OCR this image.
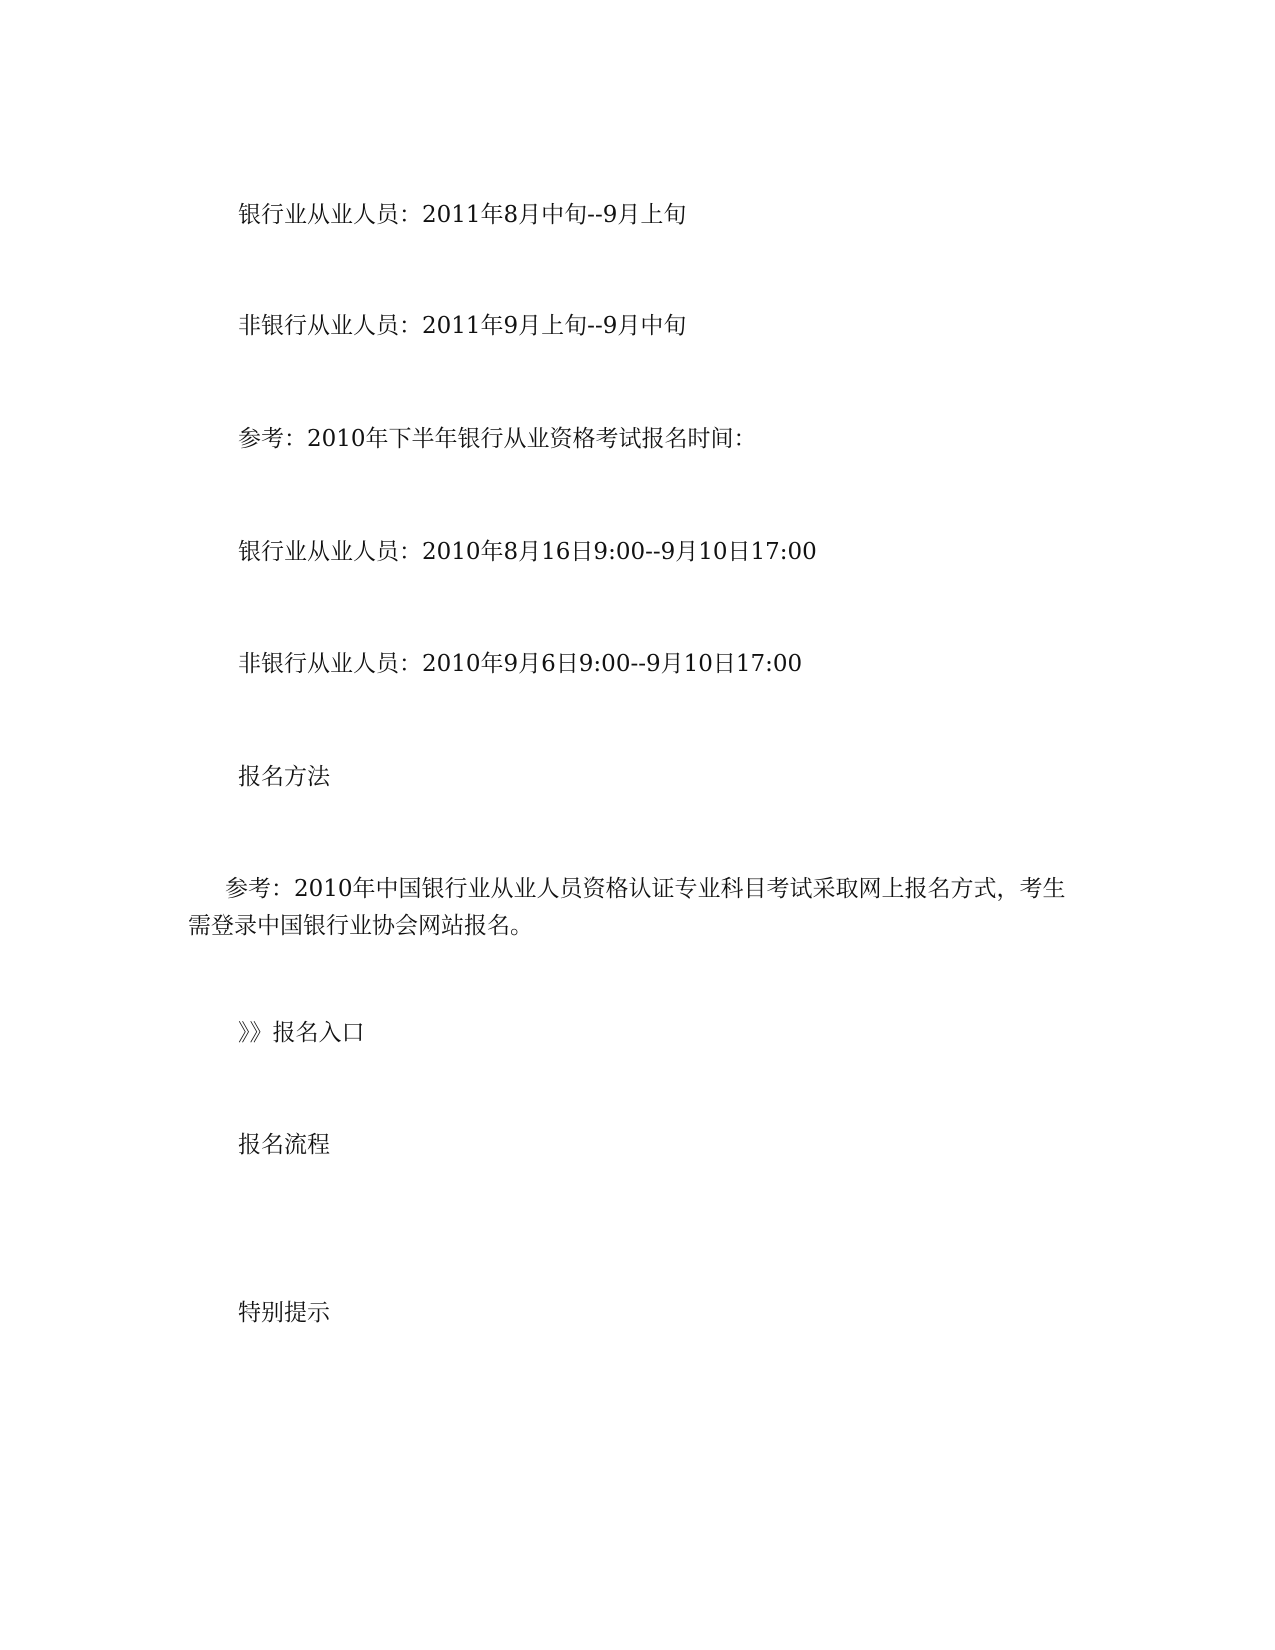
银行业从业人员：2011年8月中旬--9月上旬
非银行从业人员：2011年9月上旬--9月中旬
参考：2010年下半年银行从业资格考试报名时间：
银行业从业人员：2010年8月16日9:00--9月10日17:00
非银行从业人员：2010年9月6日9:00--9月10日17:00
报名方法
参考：2010年中国银行业从业人员资格认证专业科目考试采取网上报名方式，考生需登录中国银行业协会网站报名。
》》报名入口
报名流程
特别提示
